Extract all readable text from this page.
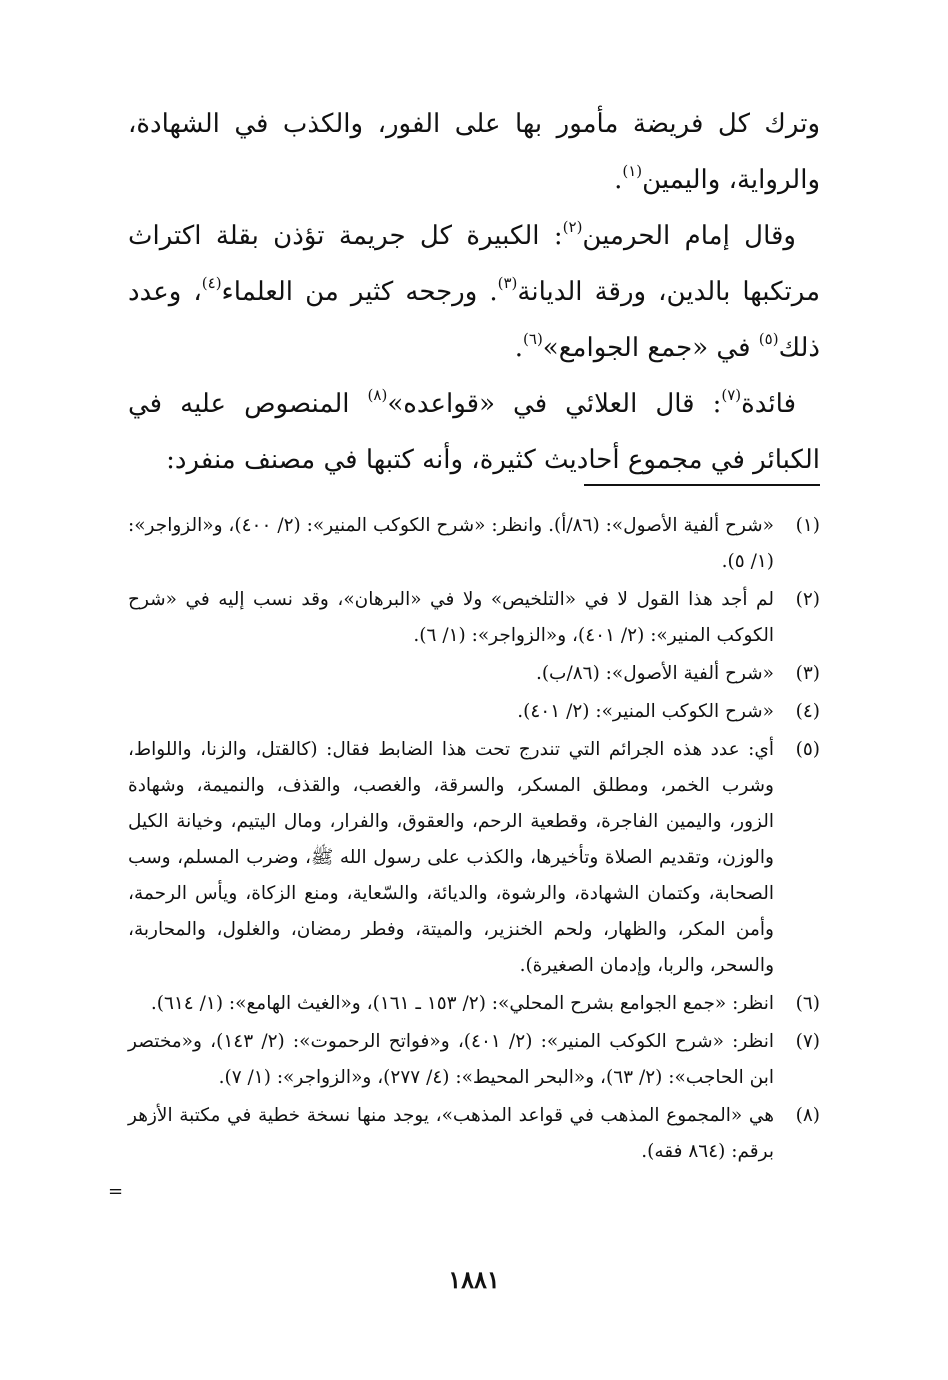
وترك كل فريضة مأمور بها على الفور، والكذب في الشهادة، والرواية، واليمين$^{(١)}$.

وقال إمام الحرمين$^{(٢)}$: الكبيرة كل جريمة تؤذن بقلة اكتراث مرتكبها بالدين، ورقة الديانة$^{(٣)}$. ورجحه كثير من العلماء$^{(٤)}$، وعدد ذلك$^{(٥)}$ في «جمع الجوامع»$^{(٦)}$.

فائدة$^{(٧)}$: قال العلائي في «قواعده»$^{(٨)}$ المنصوص عليه في الكبائر في مجموع أحاديث كثيرة، وأنه كتبها في مصنف منفرد:

(١)
«شرح ألفية الأصول»: (٨٦/أ). وانظر: «شرح الكوكب المنير»: (٢/ ٤٠٠)، و«الزواجر»: (١/ ٥).
(٢)
لم أجد هذا القول لا في «التلخيص» ولا في «البرهان»، وقد نسب إليه في «شرح الكوكب المنير»: (٢/ ٤٠١)، و«الزواجر»: (١/ ٦).
(٣)
«شرح ألفية الأصول»: (٨٦/ب).
(٤)
«شرح الكوكب المنير»: (٢/ ٤٠١).
(٥)
أي: عدد هذه الجرائم التي تندرج تحت هذا الضابط فقال: (كالقتل، والزنا، واللواط، وشرب الخمر، ومطلق المسكر، والسرقة، والغصب، والقذف، والنميمة، وشهادة الزور، واليمين الفاجرة، وقطعية الرحم، والعقوق، والفرار، ومال اليتيم، وخيانة الكيل والوزن، وتقديم الصلاة وتأخيرها، والكذب على رسول الله ﷺ، وضرب المسلم، وسب الصحابة، وكتمان الشهادة، والرشوة، والديائة، والسّعاية، ومنع الزكاة، ويأس الرحمة، وأمن المكر، والظهار، ولحم الخنزير، والميتة، وفطر رمضان، والغلول، والمحاربة، والسحر، والربا، وإدمان الصغيرة).
(٦)
انظر: «جمع الجوامع بشرح المحلي»: (٢/ ١٥٣ ـ ١٦١)، و«الغيث الهامع»: (١/ ٦١٤).
(٧)
انظر: «شرح الكوكب المنير»: (٢/ ٤٠١)، و«فواتح الرحموت»: (٢/ ١٤٣)، و«مختصر ابن الحاجب»: (٢/ ٦٣)، و«البحر المحيط»: (٤/ ٢٧٧)، و«الزواجر»: (١/ ٧).
(٨)
هي «المجموع المذهب في قواعد المذهب»، يوجد منها نسخة خطية في مكتبة الأزهر برقم: (٨٦٤ فقه).
=
١٨٨١
